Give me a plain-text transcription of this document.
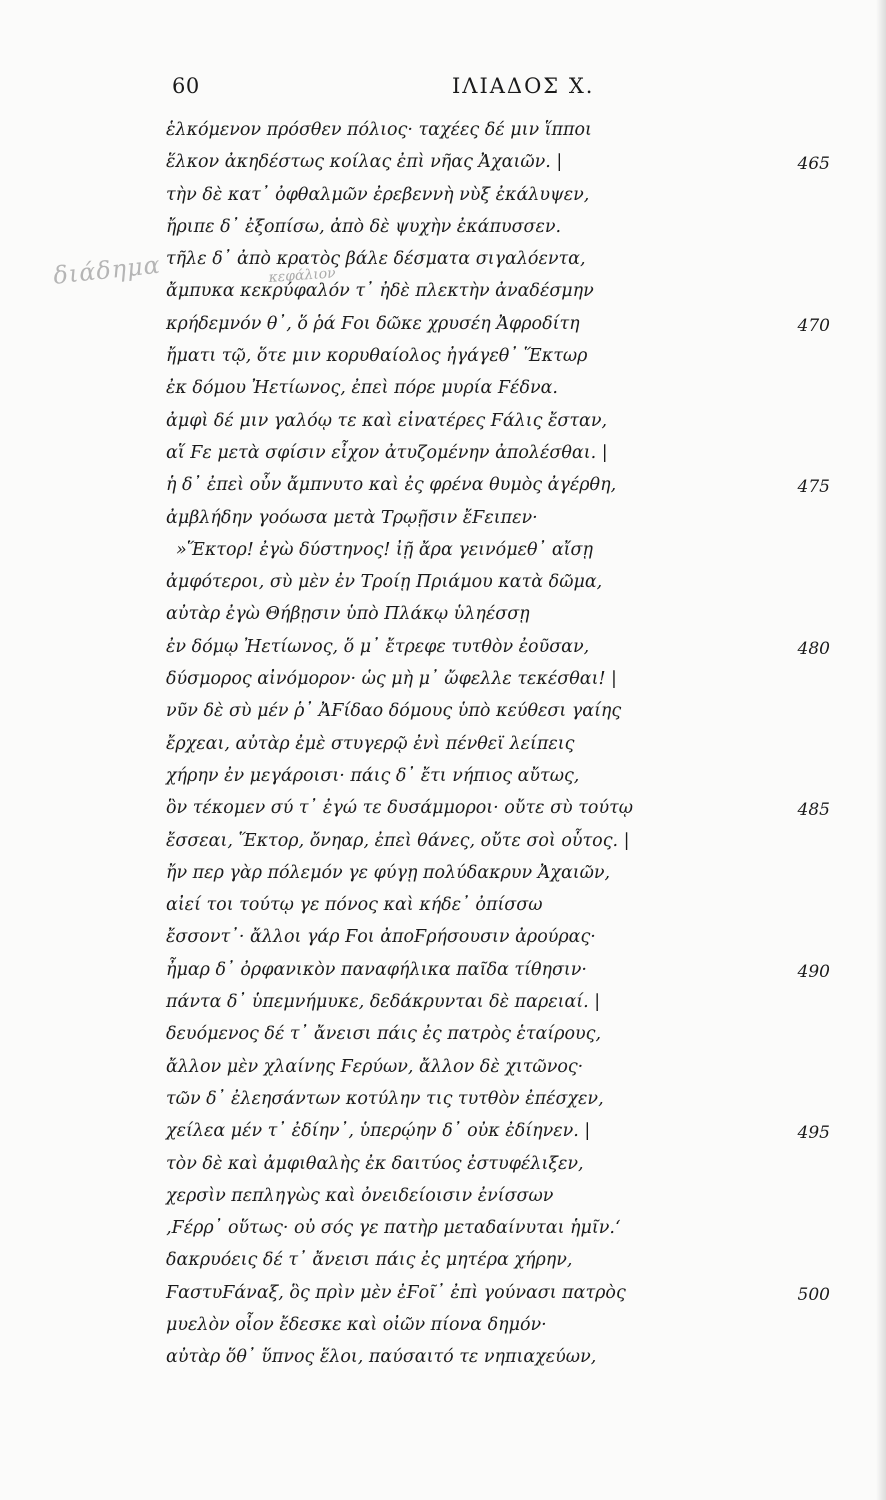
60	ΙΛΙΑΔΟΣ Χ.
διάδημα	κεφάλιον
ἑλκόμενον πρόσθεν πόλιος· ταχέες δέ μιν ἵπποι
ἕλκον ἀκηδέστως κοίλας ἐπὶ νῆας Ἀχαιῶν. |	465
τὴν δὲ κατ᾽ ὀφθαλμῶν ἐρεβεννὴ νὺξ ἐκάλυψεν,
ἤριπε δ᾽ ἐξοπίσω, ἀπὸ δὲ ψυχὴν ἐκάπυσσεν.
τῆλε δ᾽ ἀπὸ κρατὸς βάλε δέσματα σιγαλόεντα,
ἄμπυκα κεκρύφαλόν τ᾽ ἠδὲ πλεκτὴν ἀναδέσμην
κρήδεμνόν θ᾽, ὅ ῥά Ϝοι δῶκε χρυσέη Ἀφροδίτη	470
ἤματι τῷ, ὅτε μιν κορυθαίολος ἠγάγεθ᾽ Ἕκτωρ
ἐκ δόμου Ἠετίωνος, ἐπεὶ πόρε μυρία Ϝέδνα.
ἀμφὶ δέ μιν γαλόῳ τε καὶ εἰνατέρες Ϝάλις ἔσταν,
αἵ Ϝε μετὰ σφίσιν εἶχον ἀτυζομένην ἀπολέσθαι. |
ἡ δ᾽ ἐπεὶ οὖν ἄμπνυτο καὶ ἐς φρένα θυμὸς ἀγέρθη,	475
ἀμβλήδην γοόωσα μετὰ Τρῳῇσιν ἔϜειπεν·
»Ἕκτορ! ἐγὼ δύστηνος! ἰῇ ἄρα γεινόμεθ᾽ αἴσῃ
ἀμφότεροι, σὺ μὲν ἐν Τροίῃ Πριάμου κατὰ δῶμα,
αὐτὰρ ἐγὼ Θήβῃσιν ὑπὸ Πλάκῳ ὑληέσσῃ
ἐν δόμῳ Ἠετίωνος, ὅ μ᾽ ἔτρεφε τυτθὸν ἐοῦσαν,	480
δύσμορος αἰνόμορον· ὡς μὴ μ᾽ ὤφελλε τεκέσθαι! |
νῦν δὲ σὺ μέν ῥ᾽ ἈϜίδαο δόμους ὑπὸ κεύθεσι γαίης
ἔρχεαι, αὐτὰρ ἐμὲ στυγερῷ ἐνὶ πένθεϊ λείπεις
χήρην ἐν μεγάροισι· πάις δ᾽ ἔτι νήπιος αὔτως,
ὃν τέκομεν σύ τ᾽ ἐγώ τε δυσάμμοροι· οὔτε σὺ τούτῳ	485
ἔσσεαι, Ἕκτορ, ὄνηαρ, ἐπεὶ θάνες, οὔτε σοὶ οὗτος. |
ἤν περ γὰρ πόλεμόν γε φύγῃ πολύδακρυν Ἀχαιῶν,
αἰεί τοι τούτῳ γε πόνος καὶ κήδε᾽ ὀπίσσω
ἔσσοντ᾽· ἄλλοι γάρ Ϝοι ἀποϜρήσουσιν ἀρούρας·
ἦμαρ δ᾽ ὀρφανικὸν παναφήλικα παῖδα τίθησιν·	490
πάντα δ᾽ ὑπεμνήμυκε, δεδάκρυνται δὲ παρειαί. |
δευόμενος δέ τ᾽ ἄνεισι πάις ἐς πατρὸς ἑταίρους,
ἄλλον μὲν χλαίνης Ϝερύων, ἄλλον δὲ χιτῶνος·
τῶν δ᾽ ἐλεησάντων κοτύλην τις τυτθὸν ἐπέσχεν,
χείλεα μέν τ᾽ ἐδίην᾽, ὑπερῴην δ᾽ οὐκ ἐδίηνεν. |	495
τὸν δὲ καὶ ἀμφιθαλὴς ἐκ δαιτύος ἐστυφέλιξεν,
χερσὶν πεπληγὼς καὶ ὀνειδείοισιν ἐνίσσων
‚Ϝέρρ᾽ οὕτως· οὐ σός γε πατὴρ μεταδαίνυται ἡμῖν.‘
δακρυόεις δέ τ᾽ ἄνεισι πάις ἐς μητέρα χήρην,
ϜαστυϜάναξ, ὃς πρὶν μὲν ἐϜοῖ᾽ ἐπὶ γούνασι πατρὸς	500
μυελὸν οἶον ἔδεσκε καὶ οἰῶν πίονα δημόν·
αὐτὰρ ὅθ᾽ ὕπνος ἕλοι, παύσαιτό τε νηπιαχεύων,
